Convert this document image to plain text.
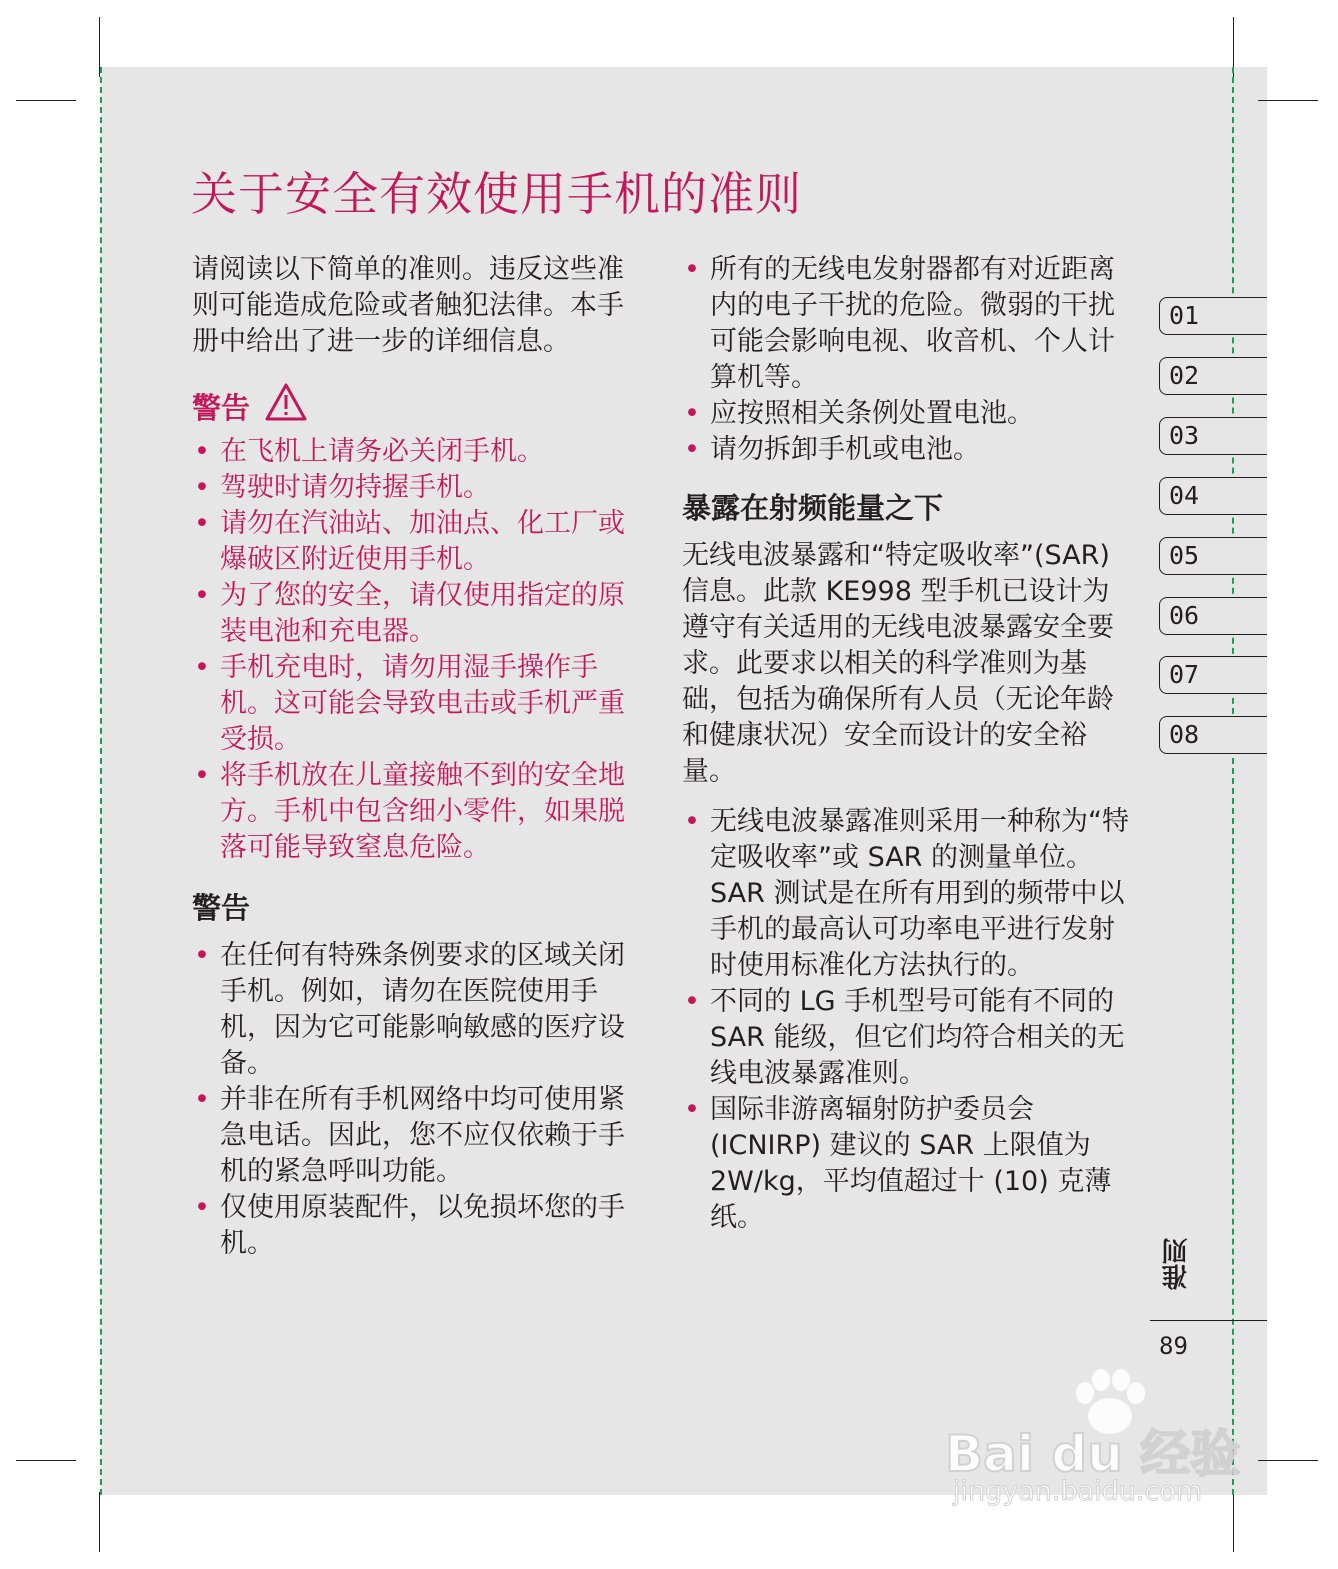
关于安全有效使用手机的准则

请阅读以下简单的准则。违反这些准则可能造成危险或者触犯法律。本手册中给出了进一步的详细信息。

警告
• 在飞机上请务必关闭手机。
• 驾驶时请勿持握手机。
• 请勿在汽油站、加油点、化工厂或爆破区附近使用手机。
• 为了您的安全，请仅使用指定的原装电池和充电器。
• 手机充电时，请勿用湿手操作手机。这可能会导致电击或手机严重受损。
• 将手机放在儿童接触不到的安全地方。手机中包含细小零件，如果脱落可能导致窒息危险。
警告
• 在任何有特殊条例要求的区域关闭手机。例如，请勿在医院使用手机，因为它可能影响敏感的医疗设备。
• 并非在所有手机网络中均可使用紧急电话。因此，您不应仅依赖于手机的紧急呼叫功能。
• 仅使用原装配件，以免损坏您的手机。
• 所有的无线电发射器都有对近距离内的电子干扰的危险。微弱的干扰可能会影响电视、收音机、个人计算机等。
• 应按照相关条例处置电池。
• 请勿拆卸手机或电池。
暴露在射频能量之下

无线电波暴露和“特定吸收率”(SAR) 信息。此款 KE998 型手机已设计为遵守有关适用的无线电波暴露安全要求。此要求以相关的科学准则为基础，包括为确保所有人员（无论年龄和健康状况）安全而设计的安全裕量。

• 无线电波暴露准则采用一种称为“特定吸收率”或 SAR 的测量单位。SAR 测试是在所有用到的频带中以手机的最高认可功率电平进行发射时使用标准化方法执行的。
• 不同的 LG 手机型号可能有不同的 SAR 能级，但它们均符合相关的无线电波暴露准则。
• 国际非游离辐射防护委员会 (ICNIRP) 建议的 SAR 上限值为 2W/kg，平均值超过十 (10) 克薄纸。
01
02
03
04
05
06
07
08
准则
89
Bai du 经验
jingyan.baidu.com
